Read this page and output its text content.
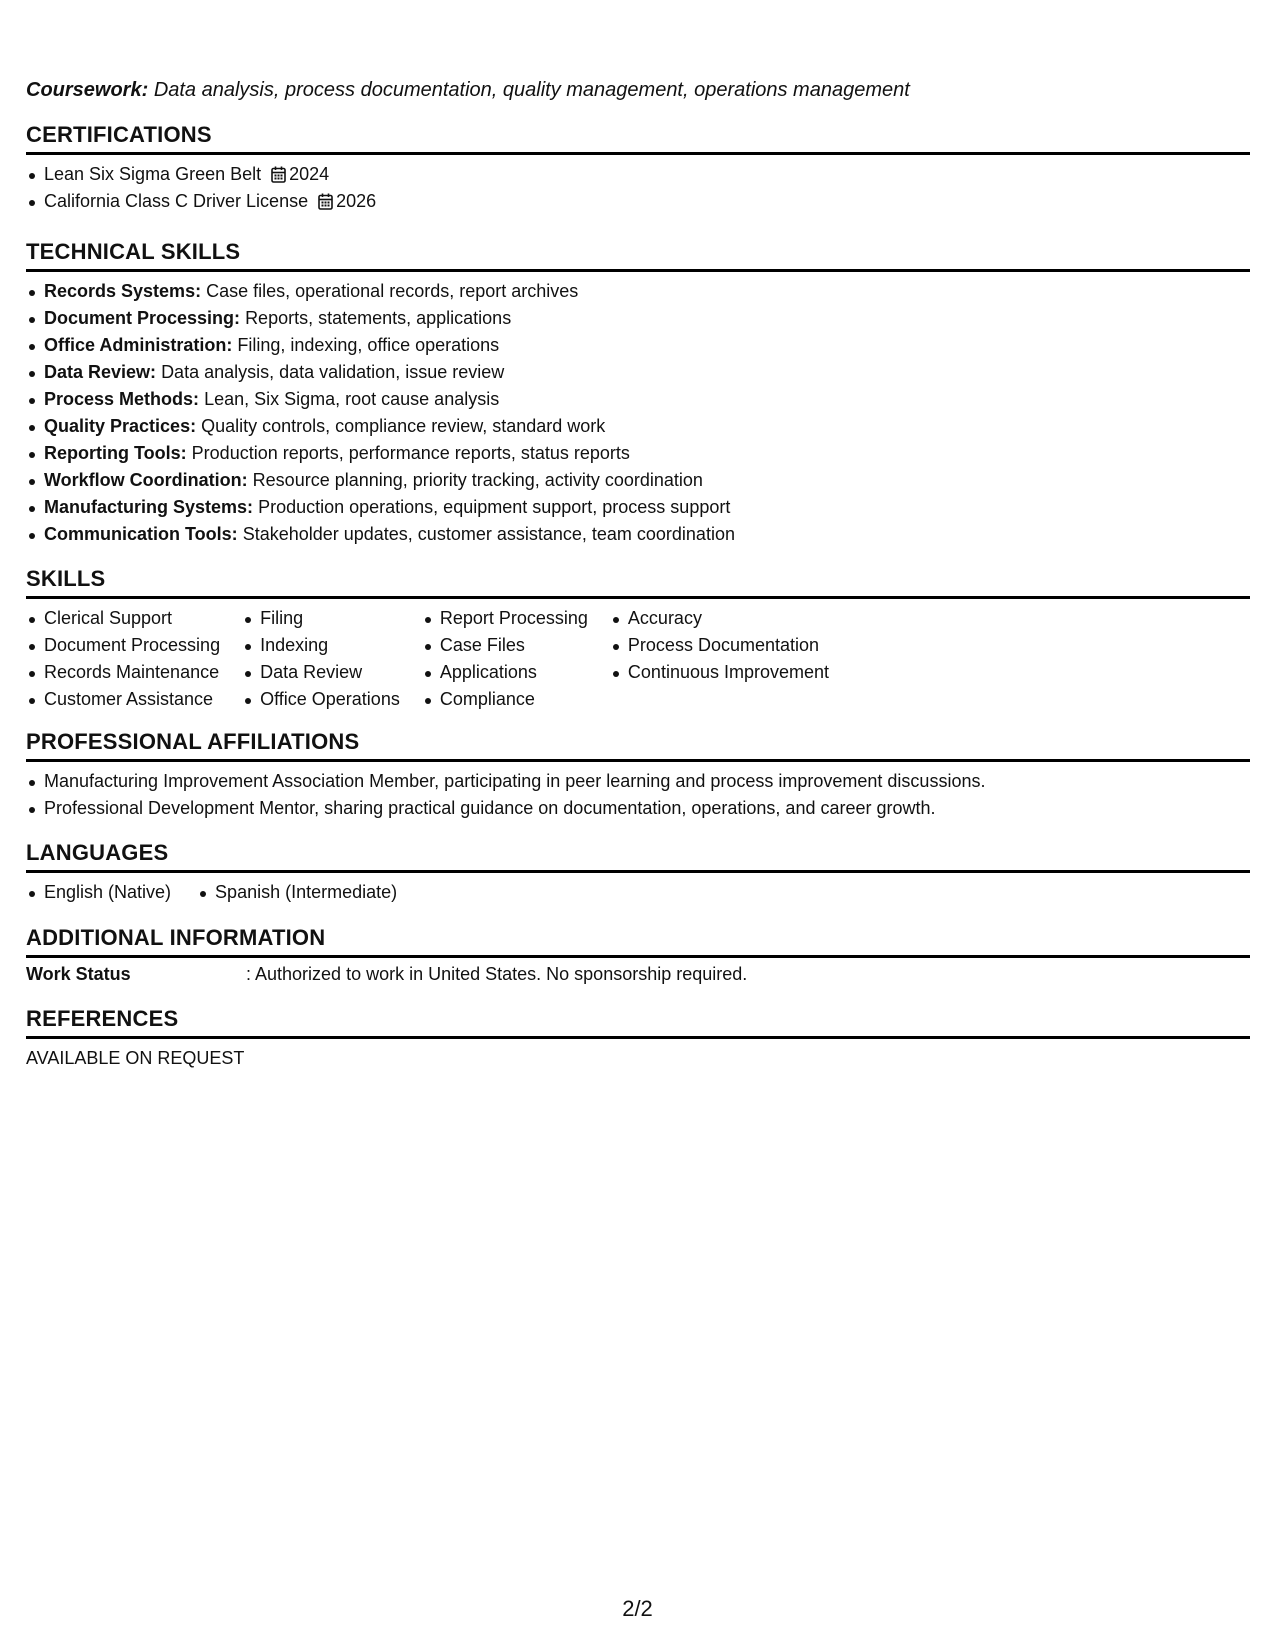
Coursework: Data analysis, process documentation, quality management, operations management
CERTIFICATIONS
Lean Six Sigma Green Belt 2024
California Class C Driver License 2026
TECHNICAL SKILLS
Records Systems: Case files, operational records, report archives
Document Processing: Reports, statements, applications
Office Administration: Filing, indexing, office operations
Data Review: Data analysis, data validation, issue review
Process Methods: Lean, Six Sigma, root cause analysis
Quality Practices: Quality controls, compliance review, standard work
Reporting Tools: Production reports, performance reports, status reports
Workflow Coordination: Resource planning, priority tracking, activity coordination
Manufacturing Systems: Production operations, equipment support, process support
Communication Tools: Stakeholder updates, customer assistance, team coordination
SKILLS
Clerical Support
Document Processing
Records Maintenance
Customer Assistance
Filing
Indexing
Data Review
Office Operations
Report Processing
Case Files
Applications
Compliance
Accuracy
Process Documentation
Continuous Improvement
PROFESSIONAL AFFILIATIONS
Manufacturing Improvement Association Member, participating in peer learning and process improvement discussions.
Professional Development Mentor, sharing practical guidance on documentation, operations, and career growth.
LANGUAGES
English (Native)	Spanish (Intermediate)
ADDITIONAL INFORMATION
Work Status	: Authorized to work in United States. No sponsorship required.
REFERENCES
AVAILABLE ON REQUEST
2/2
